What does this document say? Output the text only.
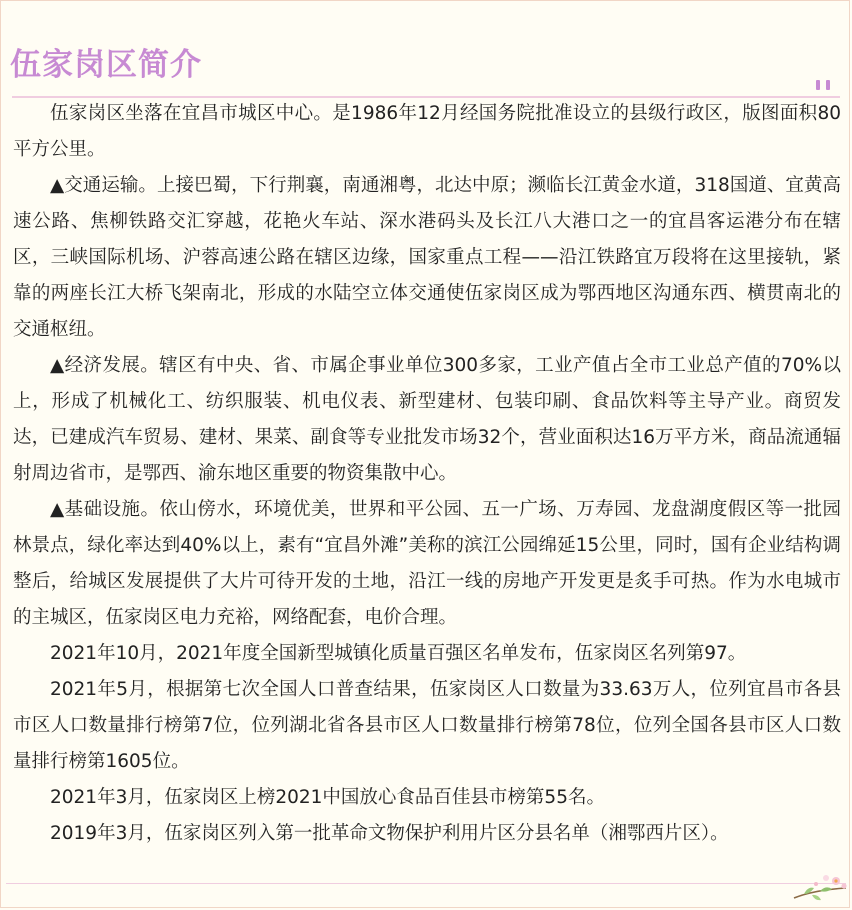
伍家岗区简介

伍家岗区坐落在宜昌市城区中心。是1986年12月经国务院批准设立的县级行政区，版图面积80平方公里。

▲交通运输。上接巴蜀，下行荆襄，南通湘粤，北达中原；濒临长江黄金水道，318国道、宜黄高速公路、焦柳铁路交汇穿越，花艳火车站、深水港码头及长江八大港口之一的宜昌客运港分布在辖区，三峡国际机场、沪蓉高速公路在辖区边缘，国家重点工程——沿江铁路宜万段将在这里接轨，紧靠的两座长江大桥飞架南北，形成的水陆空立体交通使伍家岗区成为鄂西地区沟通东西、横贯南北的交通枢纽。

▲经济发展。辖区有中央、省、市属企事业单位300多家，工业产值占全市工业总产值的70%以上，形成了机械化工、纺织服装、机电仪表、新型建材、包装印刷、食品饮料等主导产业。商贸发达，已建成汽车贸易、建材、果菜、副食等专业批发市场32个，营业面积达16万平方米，商品流通辐射周边省市，是鄂西、渝东地区重要的物资集散中心。

▲基础设施。依山傍水，环境优美，世界和平公园、五一广场、万寿园、龙盘湖度假区等一批园林景点，绿化率达到40%以上，素有“宜昌外滩”美称的滨江公园绵延15公里，同时，国有企业结构调整后，给城区发展提供了大片可待开发的土地，沿江一线的房地产开发更是炙手可热。作为水电城市的主城区，伍家岗区电力充裕，网络配套，电价合理。

2021年10月，2021年度全国新型城镇化质量百强区名单发布，伍家岗区名列第97。

2021年5月，根据第七次全国人口普查结果，伍家岗区人口数量为33.63万人，位列宜昌市各县市区人口数量排行榜第7位，位列湖北省各县市区人口数量排行榜第78位，位列全国各县市区人口数量排行榜第1605位。

2021年3月，伍家岗区上榜2021中国放心食品百佳县市榜第55名。

2019年3月，伍家岗区列入第一批革命文物保护利用片区分县名单（湘鄂西片区）。
